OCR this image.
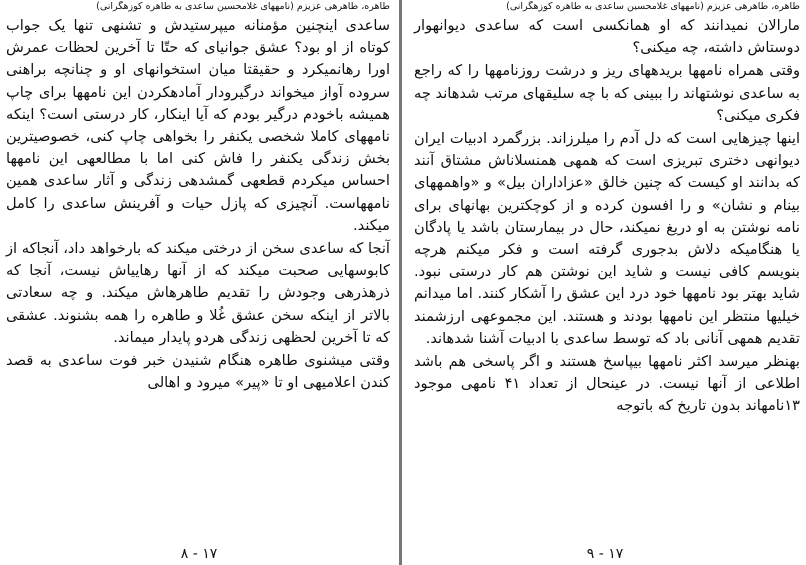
طاهره، طاهرهی عزیزم (نامههای غلامحسین ساعدی به طاهره کوزهگرانی)

ساعدی اینچنین مؤمنانه میپرستیدش و تشنهی تنها یک جواب کوتاه از او بود؟ عشق جوانیای که حتّا تا آخرین لحظات عمرش اورا رهانمیکرد و حقیقتا میان استخوانهای او و چنانچه براهنی سروده آواز میخواند درگیرودار آمادهکردن این نامهها برای چاپ همیشه باخودم درگیر بودم که آیا اینکار، کار درستی است؟ اینکه نامههای کاملا شخصی یکنفر را بخواهی چاپ کنی، خصوصیترین بخش زندگی یکنفر را فاش کنی اما با مطالعهی این نامهها احساس میکردم قطعهی گمشدهی زندگی و آثار ساعدی همین نامههاست. آنچیزی که پازل حیات و آفرینش ساعدی را کامل میکند.

آنجا که ساعدی سخن از درختی میکند که بارخواهد داد، آنجاکه از کابوسهایی صحبت میکند که از آنها رهاییاش نیست، آنجا که ذرهذرهی وجودش را تقدیم طاهرهاش میکند. و چه سعادتی بالاتر از اینکه سخن عشق غُلا و طاهره را همه بشنوند. عشقی که تا آخرین لحظهی زندگی هردو پایدار میماند.

وقتی میشنوی طاهره هنگام شنیدن خبر فوت ساعدی به قصد کندن اعلامیهی او تا «پیر» میرود و اهالی

۱۷ - ۸
طاهره، طاهرهی عزیزم (نامههای غلامحسین ساعدی به طاهره کوزهگرانی)

مارالان نمیدانند که او همانکسی است که ساعدی دیوانهوار دوستاش داشته، چه میکنی؟

وقتی همراه نامهها بریدههای ریز و درشت روزنامهها را که راجع به ساعدی نوشتهاند را ببینی که با چه سلیقهای مرتب شدهاند چه فکری میکنی؟

اینها چیزهایی است که دل آدم را میلرزاند. بزرگمرد ادبیات ایران دیوانهی دختری تبریزی است که همهی همنسلاناش مشتاق آنند که بدانند او کیست که چنین خالق «عزاداران بیل» و «واهمههای بینام و نشان» و را افسون کرده و از کوچکترین بهانهای برای نامه نوشتن به او دریغ نمیکند، حال در بیمارستان باشد یا پادگان یا هنگامیکه دلاش بدجوری گرفته است و فکر میکنم هرچه بنویسم کافی نیست و شاید این نوشتن هم کار درستی نبود. شاید بهتر بود نامهها خود درد این عشق را آشکار کنند. اما میدانم خیلیها منتظر این نامهها بودند و هستند. این مجموعهی ارزشمند تقدیم همهی آنانی باد که توسط ساعدی با ادبیات آشنا شدهاند.

بهنظر میرسد اکثر نامهها بیپاسخ هستند و اگر پاسخی هم باشد اطلاعی از آنها نیست. در عینحال از تعداد ۴۱ نامهی موجود ۱۳نامهاند بدون تاریخ که باتوجه

۱۷ - ۹
